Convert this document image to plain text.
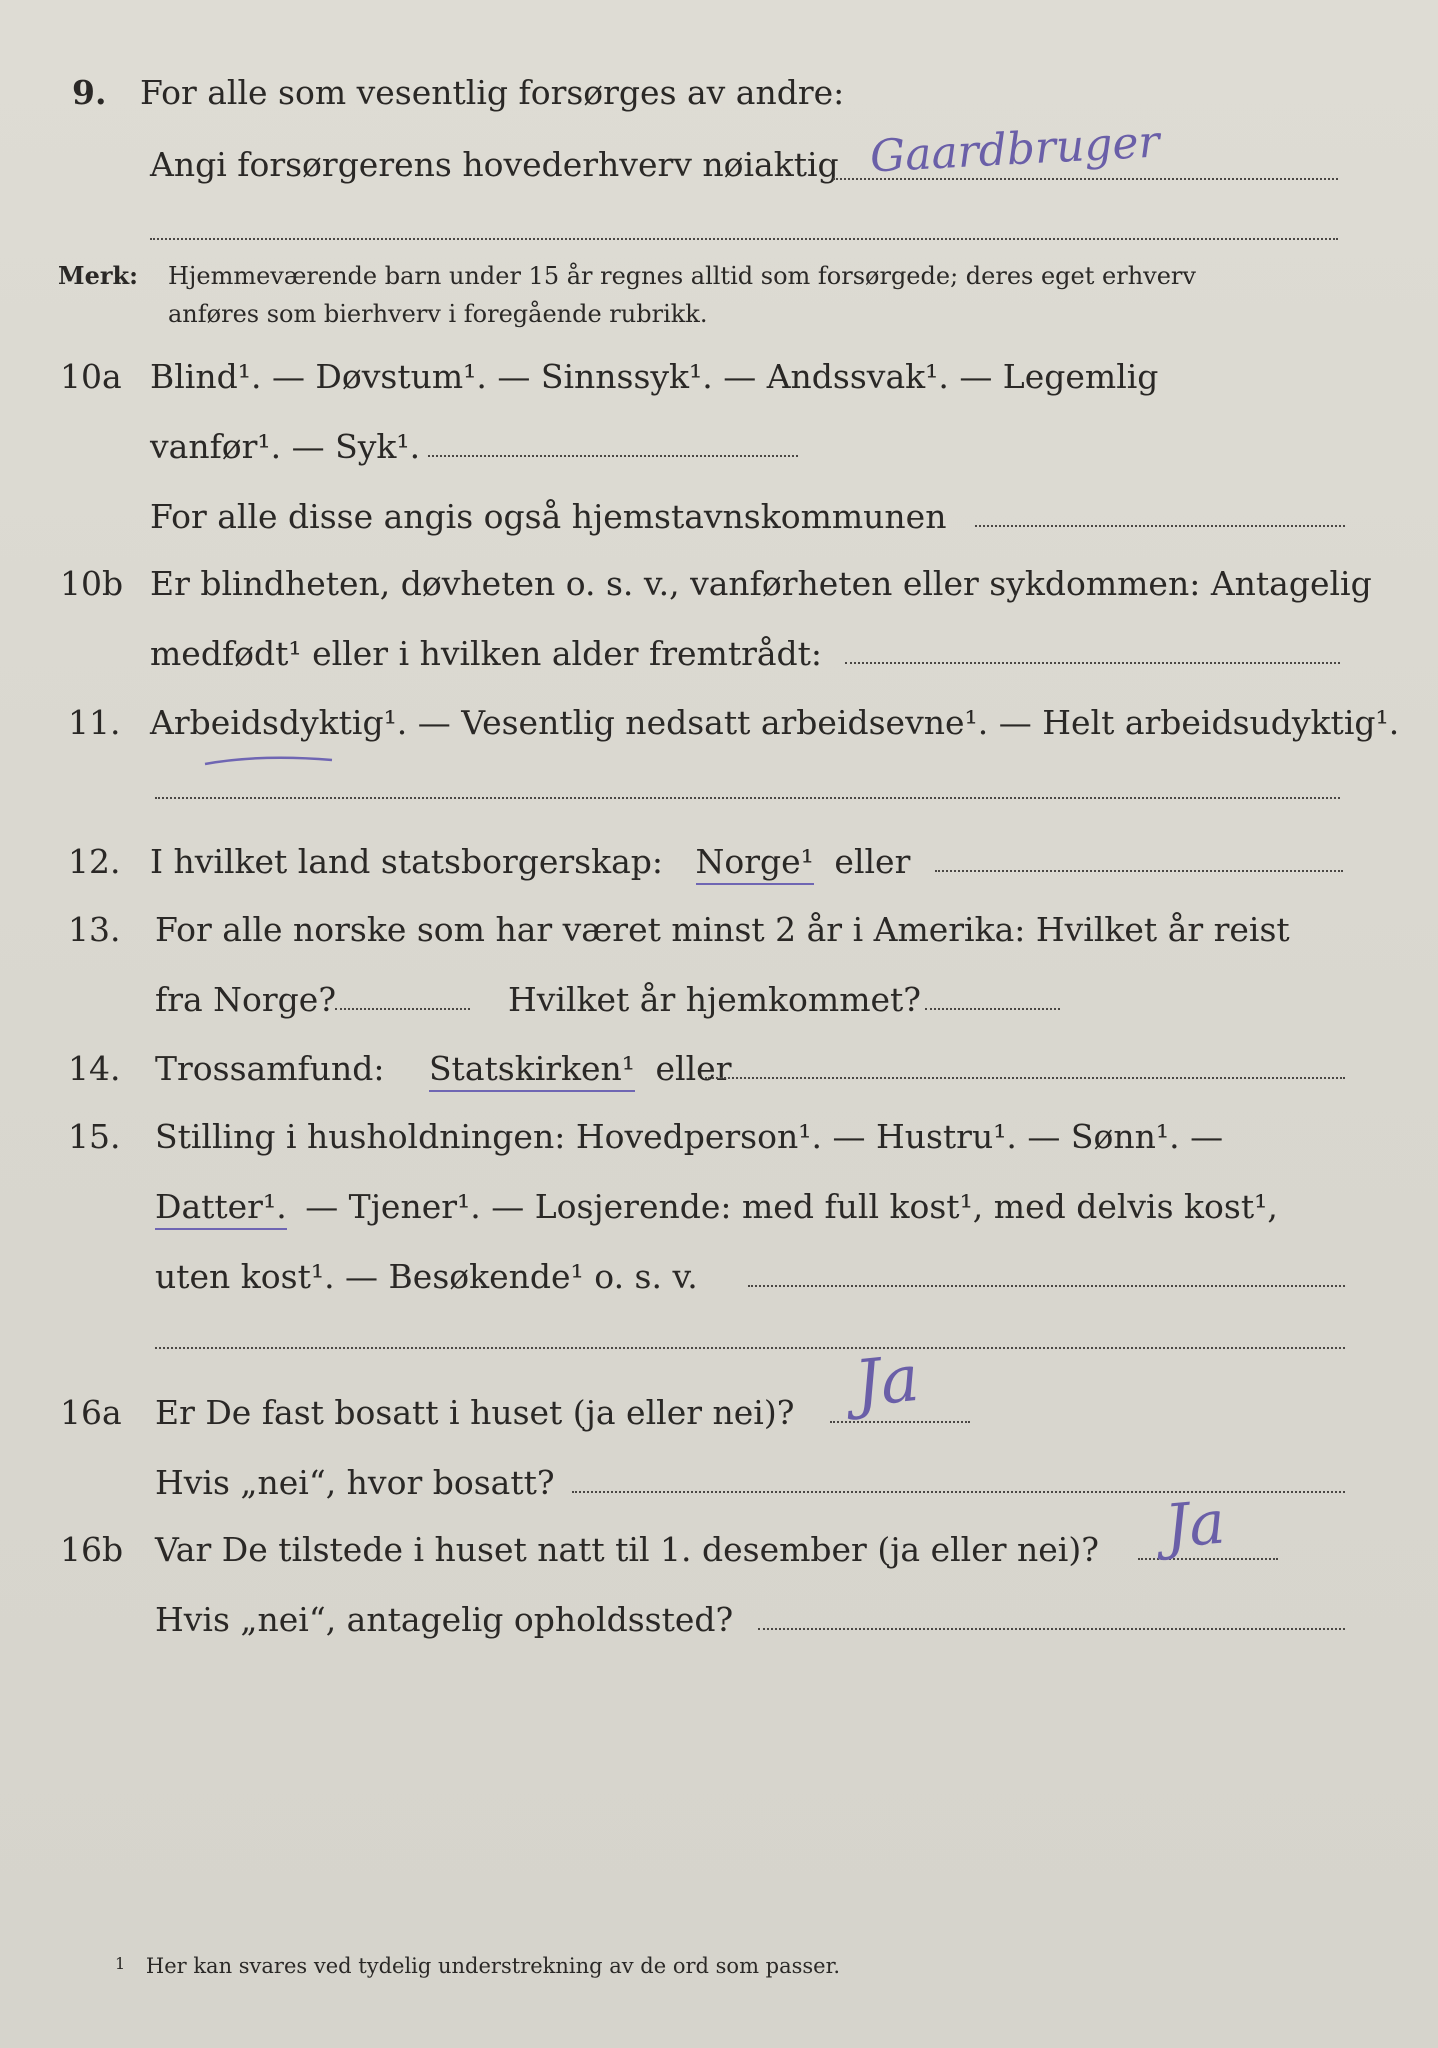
9. For alle som vesentlig forsørges av andre:
Angi forsørgerens hovederhverv nøiaktig Gaardbruger
Merk: Hjemmeværende barn under 15 år regnes alltid som forsørgede; deres eget erhverv
anføres som bierhverv i foregående rubrikk.
10a Blind¹. — Døvstum¹. — Sinnssyk¹. — Andssvak¹. — Legemlig
vanfør¹. — Syk¹.
For alle disse angis også hjemstavnskommunen
10b Er blindheten, døvheten o. s. v., vanførheten eller sykdommen: Antagelig
medfødt¹ eller i hvilken alder fremtrådt:
11. Arbeidsdyktig¹. — Vesentlig nedsatt arbeidsevne¹. — Helt arbeidsudyktig¹.
12. I hvilket land statsborgerskap: Norge¹ eller
13. For alle norske som har været minst 2 år i Amerika: Hvilket år reist
fra Norge?	Hvilket år hjemkommet?
14. Trossamfund: Statskirken¹ eller
15. Stilling i husholdningen: Hovedperson¹. — Hustru¹. — Sønn¹. —
Datter¹. — Tjener¹. — Losjerende: med full kost¹, med delvis kost¹,
uten kost¹. — Besøkende¹ o. s. v.
16a Er De fast bosatt i huset (ja eller nei)? Ja
Hvis „nei“, hvor bosatt?
16b Var De tilstede i huset natt til 1. desember (ja eller nei)? Ja
Hvis „nei“, antagelig opholdssted?
$^1$ Her kan svares ved tydelig understrekning av de ord som passer.
